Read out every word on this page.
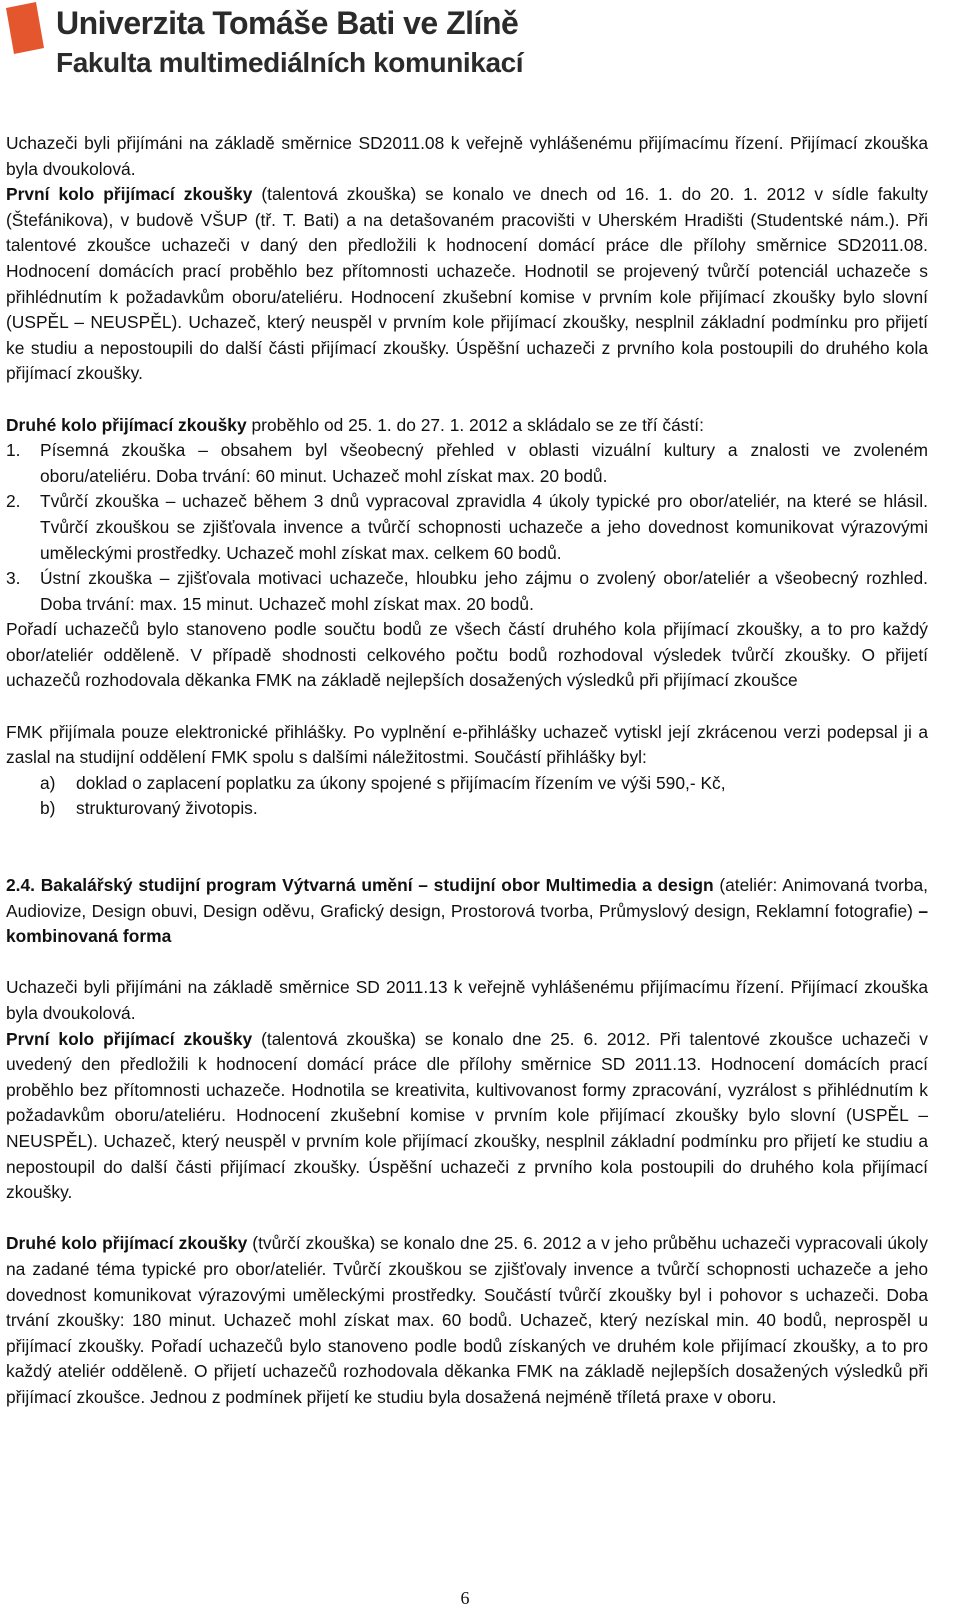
Univerzita Tomáše Bati ve Zlíně
Fakulta multimediálních komunikací

Uchazeči byli přijímáni na základě směrnice SD2011.08 k veřejně vyhlášenému přijímacímu řízení. Přijímací zkouška byla dvoukolová.

První kolo přijímací zkoušky (talentová zkouška) se konalo ve dnech od 16. 1. do 20. 1. 2012 v sídle fakulty (Štefánikova), v budově VŠUP (tř. T. Bati) a na detašovaném pracovišti v Uherském Hradišti (Studentské nám.). Při talentové zkoušce uchazeči v daný den předložili k hodnocení domácí práce dle přílohy směrnice SD2011.08. Hodnocení domácích prací proběhlo bez přítomnosti uchazeče. Hodnotil se projevený tvůrčí potenciál uchazeče s přihlédnutím k požadavkům oboru/ateliéru. Hodnocení zkušební komise v prvním kole přijímací zkoušky bylo slovní (USPĚL – NEUSPĚL). Uchazeč, který neuspěl v prvním kole přijímací zkoušky, nesplnil základní podmínku pro přijetí ke studiu a nepostoupili do další části přijímací zkoušky. Úspěšní uchazeči z prvního kola postoupili do druhého kola přijímací zkoušky.

Druhé kolo přijímací zkoušky proběhlo od 25. 1. do 27. 1. 2012 a skládalo se ze tří částí:

1. Písemná zkouška – obsahem byl všeobecný přehled v oblasti vizuální kultury a znalosti ve zvoleném oboru/ateliéru. Doba trvání: 60 minut. Uchazeč mohl získat max. 20 bodů.
2. Tvůrčí zkouška – uchazeč během 3 dnů vypracoval zpravidla 4 úkoly typické pro obor/ateliér, na které se hlásil. Tvůrčí zkouškou se zjišťovala invence a tvůrčí schopnosti uchazeče a jeho dovednost komunikovat výrazovými uměleckými prostředky. Uchazeč mohl získat max. celkem 60 bodů.
3. Ústní zkouška – zjišťovala motivaci uchazeče, hloubku jeho zájmu o zvolený obor/ateliér a všeobecný rozhled. Doba trvání: max. 15 minut. Uchazeč mohl získat max. 20 bodů.

Pořadí uchazečů bylo stanoveno podle součtu bodů ze všech částí druhého kola přijímací zkoušky, a to pro každý obor/ateliér odděleně. V případě shodnosti celkového počtu bodů rozhodoval výsledek tvůrčí zkoušky. O přijetí uchazečů rozhodovala děkanka FMK na základě nejlepších dosažených výsledků při přijímací zkoušce

FMK přijímala pouze elektronické přihlášky. Po vyplnění e-přihlášky uchazeč vytiskl její zkrácenou verzi podepsal ji a zaslal na studijní oddělení FMK spolu s dalšími náležitostmi. Součástí přihlášky byl:

a) doklad o zaplacení poplatku za úkony spojené s přijímacím řízením ve výši 590,- Kč,
b) strukturovaný životopis.

2.4. Bakalářský studijní program Výtvarná umění – studijní obor Multimedia a design (ateliér: Animovaná tvorba, Audiovize, Design obuvi, Design oděvu, Grafický design, Prostorová tvorba, Průmyslový design, Reklamní fotografie) – kombinovaná forma

Uchazeči byli přijímáni na základě směrnice SD 2011.13 k veřejně vyhlášenému přijímacímu řízení. Přijímací zkouška byla dvoukolová.

První kolo přijímací zkoušky (talentová zkouška) se konalo dne 25. 6. 2012. Při talentové zkoušce uchazeči v uvedený den předložili k hodnocení domácí práce dle přílohy směrnice SD 2011.13. Hodnocení domácích prací proběhlo bez přítomnosti uchazeče. Hodnotila se kreativita, kultivovanost formy zpracování, vyzrálost s přihlédnutím k požadavkům oboru/ateliéru. Hodnocení zkušební komise v prvním kole přijímací zkoušky bylo slovní (USPĚL – NEUSPĚL). Uchazeč, který neuspěl v prvním kole přijímací zkoušky, nesplnil základní podmínku pro přijetí ke studiu a nepostoupil do další části přijímací zkoušky. Úspěšní uchazeči z prvního kola postoupili do druhého kola přijímací zkoušky.

Druhé kolo přijímací zkoušky (tvůrčí zkouška) se konalo dne 25. 6. 2012 a v jeho průběhu uchazeči vypracovali úkoly na zadané téma typické pro obor/ateliér. Tvůrčí zkouškou se zjišťovaly invence a tvůrčí schopnosti uchazeče a jeho dovednost komunikovat výrazovými uměleckými prostředky. Součástí tvůrčí zkoušky byl i pohovor s uchazeči. Doba trvání zkoušky: 180 minut. Uchazeč mohl získat max. 60 bodů. Uchazeč, který nezískal min. 40 bodů, neprospěl u přijímací zkoušky. Pořadí uchazečů bylo stanoveno podle bodů získaných ve druhém kole přijímací zkoušky, a to pro každý ateliér odděleně. O přijetí uchazečů rozhodovala děkanka FMK na základě nejlepších dosažených výsledků při přijímací zkoušce. Jednou z podmínek přijetí ke studiu byla dosažená nejméně tříletá praxe v oboru.

6
